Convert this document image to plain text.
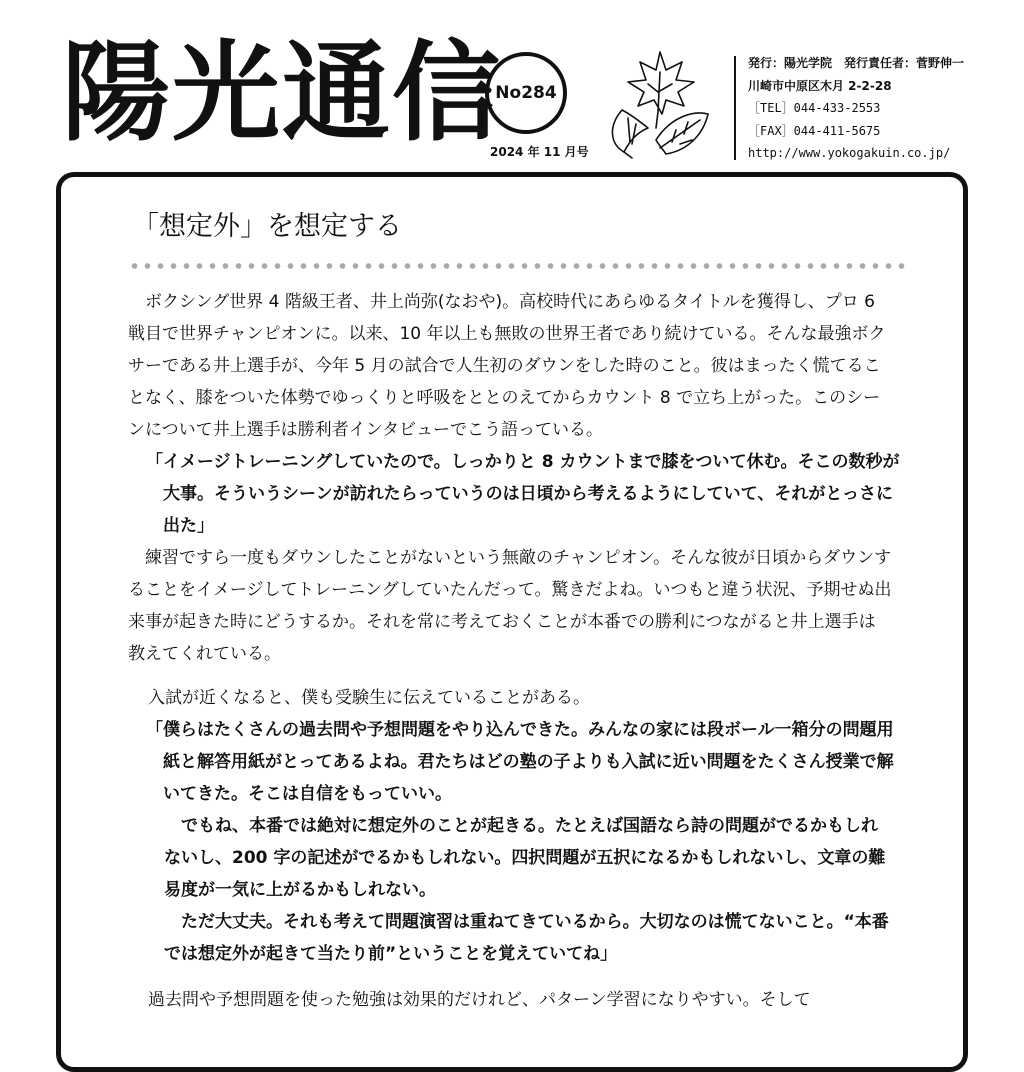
陽光通信
No284
2024 年 11 月号
発行：陽光学院　発行責任者：菅野伸一
川崎市中原区木月 2-2-28
［TEL］044-433-2553
［FAX］044-411-5675
http://www.yokogakuin.co.jp/
「想定外」を想定する

ボクシング世界 4 階級王者、井上尚弥(なおや)。高校時代にあらゆるタイトルを獲得し、プロ 6 戦目で世界チャンピオンに。以来、10 年以上も無敗の世界王者であり続けている。そんな最強ボクサーである井上選手が、今年 5 月の試合で人生初のダウンをした時のこと。彼はまったく慌てることなく、膝をついた体勢でゆっくりと呼吸をととのえてからカウント 8 で立ち上がった。このシーンについて井上選手は勝利者インタビューでこう語っている。

「イメージトレーニングしていたので。しっかりと 8 カウントまで膝をついて休む。そこの数秒が大事。そういうシーンが訪れたらっていうのは日頃から考えるようにしていて、それがとっさに出た」

練習ですら一度もダウンしたことがないという無敵のチャンピオン。そんな彼が日頃からダウンすることをイメージしてトレーニングしていたんだって。驚きだよね。いつもと違う状況、予期せぬ出来事が起きた時にどうするか。それを常に考えておくことが本番での勝利につながると井上選手は教えてくれている。

入試が近くなると、僕も受験生に伝えていることがある。

「僕らはたくさんの過去問や予想問題をやり込んできた。みんなの家には段ボール一箱分の問題用紙と解答用紙がとってあるよね。君たちはどの塾の子よりも入試に近い問題をたくさん授業で解いてきた。そこは自信をもっていい。

でもね、本番では絶対に想定外のことが起きる。たとえば国語なら詩の問題がでるかもしれないし、200 字の記述がでるかもしれない。四択問題が五択になるかもしれないし、文章の難易度が一気に上がるかもしれない。

ただ大丈夫。それも考えて問題演習は重ねてきているから。大切なのは慌てないこと。“本番では想定外が起きて当たり前”ということを覚えていてね」

過去問や予想問題を使った勉強は効果的だけれど、パターン学習になりやすい。そして
